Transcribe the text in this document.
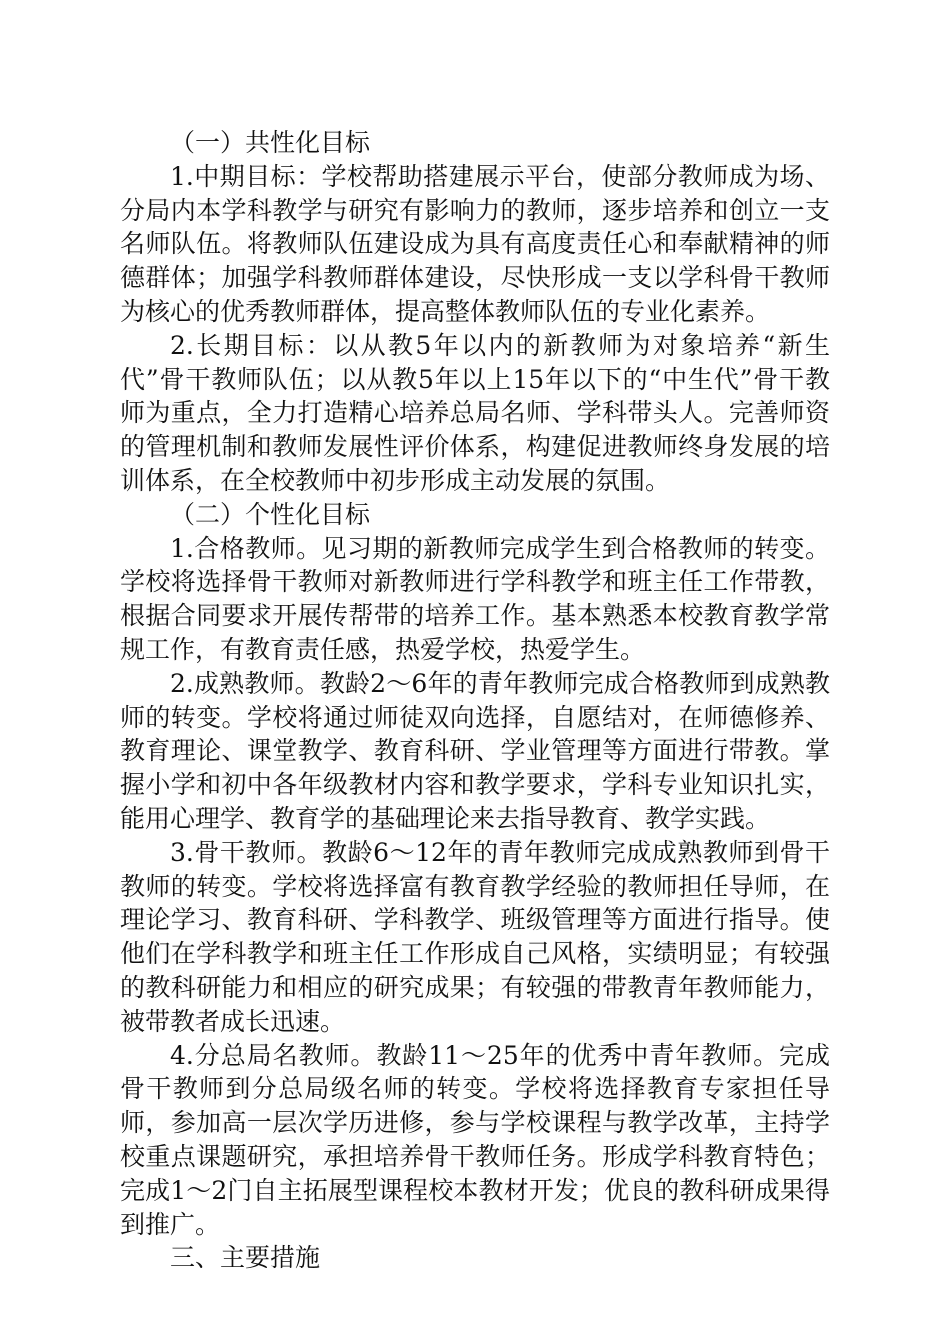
（一）共性化目标

1.中期目标：学校帮助搭建展示平台，使部分教师成为场、分局内本学科教学与研究有影响力的教师，逐步培养和创立一支名师队伍。将教师队伍建设成为具有高度责任心和奉献精神的师德群体；加强学科教师群体建设，尽快形成一支以学科骨干教师为核心的优秀教师群体，提高整体教师队伍的专业化素养。

2.长期目标：以从教5年以内的新教师为对象培养“新生代”骨干教师队伍；以从教5年以上15年以下的“中生代”骨干教师为重点，全力打造精心培养总局名师、学科带头人。完善师资的管理机制和教师发展性评价体系，构建促进教师终身发展的培训体系，在全校教师中初步形成主动发展的氛围。

（二）个性化目标

1.合格教师。见习期的新教师完成学生到合格教师的转变。学校将选择骨干教师对新教师进行学科教学和班主任工作带教，根据合同要求开展传帮带的培养工作。基本熟悉本校教育教学常规工作，有教育责任感，热爱学校，热爱学生。

2.成熟教师。教龄2～6年的青年教师完成合格教师到成熟教师的转变。学校将通过师徒双向选择，自愿结对，在师德修养、教育理论、课堂教学、教育科研、学业管理等方面进行带教。掌握小学和初中各年级教材内容和教学要求，学科专业知识扎实，能用心理学、教育学的基础理论来去指导教育、教学实践。

3.骨干教师。教龄6～12年的青年教师完成成熟教师到骨干教师的转变。学校将选择富有教育教学经验的教师担任导师，在理论学习、教育科研、学科教学、班级管理等方面进行指导。使他们在学科教学和班主任工作形成自己风格，实绩明显；有较强的教科研能力和相应的研究成果；有较强的带教青年教师能力，被带教者成长迅速。

4.分总局名教师。教龄11～25年的优秀中青年教师。完成骨干教师到分总局级名师的转变。学校将选择教育专家担任导师，参加高一层次学历进修，参与学校课程与教学改革，主持学校重点课题研究，承担培养骨干教师任务。形成学科教育特色；完成1～2门自主拓展型课程校本教材开发；优良的教科研成果得到推广。

三、主要措施
